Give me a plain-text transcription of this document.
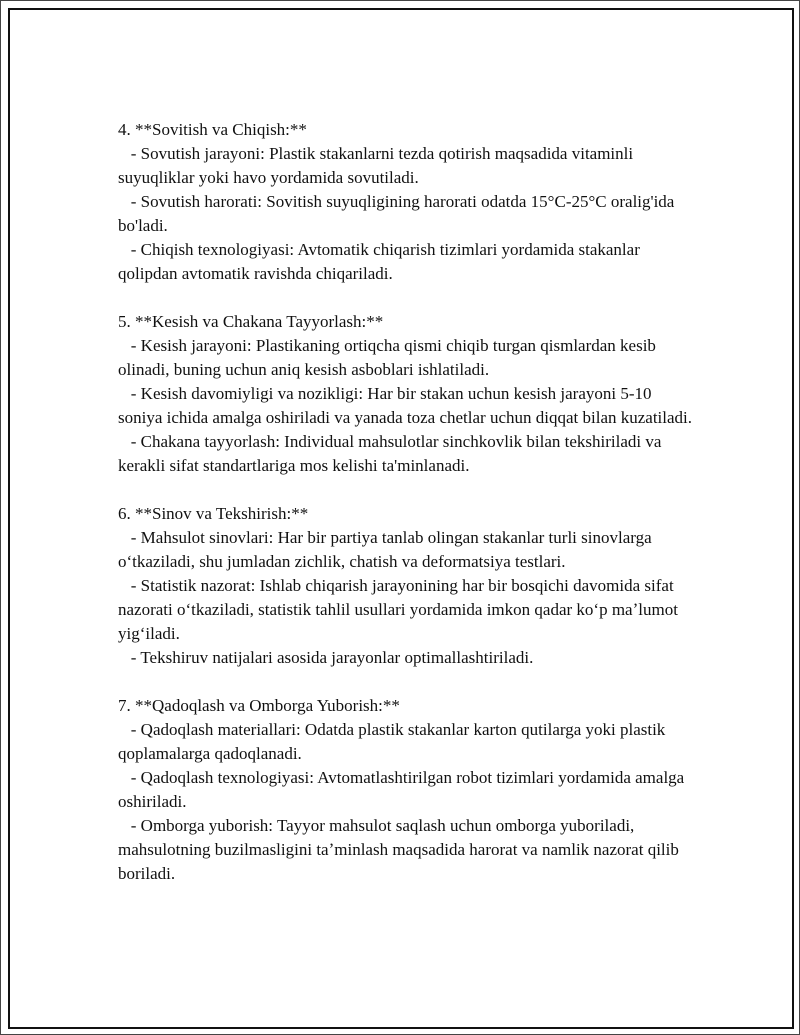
4. **Sovitish va Chiqish:**
- Sovutish jarayoni: Plastik stakanlarni tezda qotirish maqsadida vitaminli suyuqliklar yoki havo yordamida sovutiladi.
- Sovutish harorati: Sovitish suyuqligining harorati odatda 15°C-25°C oralig'ida bo'ladi.
- Chiqish texnologiyasi: Avtomatik chiqarish tizimlari yordamida stakanlar qolipdan avtomatik ravishda chiqariladi.
5. **Kesish va Chakana Tayyorlash:**
- Kesish jarayoni: Plastikaning ortiqcha qismi chiqib turgan qismlardan kesib olinadi, buning uchun aniq kesish asboblari ishlatiladi.
- Kesish davomiyligi va nozikligi: Har bir stakan uchun kesish jarayoni 5-10 soniya ichida amalga oshiriladi va yanada toza chetlar uchun diqqat bilan kuzatiladi.
- Chakana tayyorlash: Individual mahsulotlar sinchkovlik bilan tekshiriladi va kerakli sifat standartlariga mos kelishi ta'minlanadi.
6. **Sinov va Tekshirish:**
- Mahsulot sinovlari: Har bir partiya tanlab olingan stakanlar turli sinovlarga oʻtkaziladi, shu jumladan zichlik, chatish va deformatsiya testlari.
- Statistik nazorat: Ishlab chiqarish jarayonining har bir bosqichi davomida sifat nazorati oʻtkaziladi, statistik tahlil usullari yordamida imkon qadar koʻp maʼlumot yigʻiladi.
- Tekshiruv natijalari asosida jarayonlar optimallashtiriladi.
7. **Qadoqlash va Omborga Yuborish:**
- Qadoqlash materiallari: Odatda plastik stakanlar karton qutilarga yoki plastik qoplamalarga qadoqlanadi.
- Qadoqlash texnologiyasi: Avtomatlashtirilgan robot tizimlari yordamida amalga oshiriladi.
- Omborga yuborish: Tayyor mahsulot saqlash uchun omborga yuboriladi, mahsulotning buzilmasligini taʼminlash maqsadida harorat va namlik nazorat qilib boriladi.
